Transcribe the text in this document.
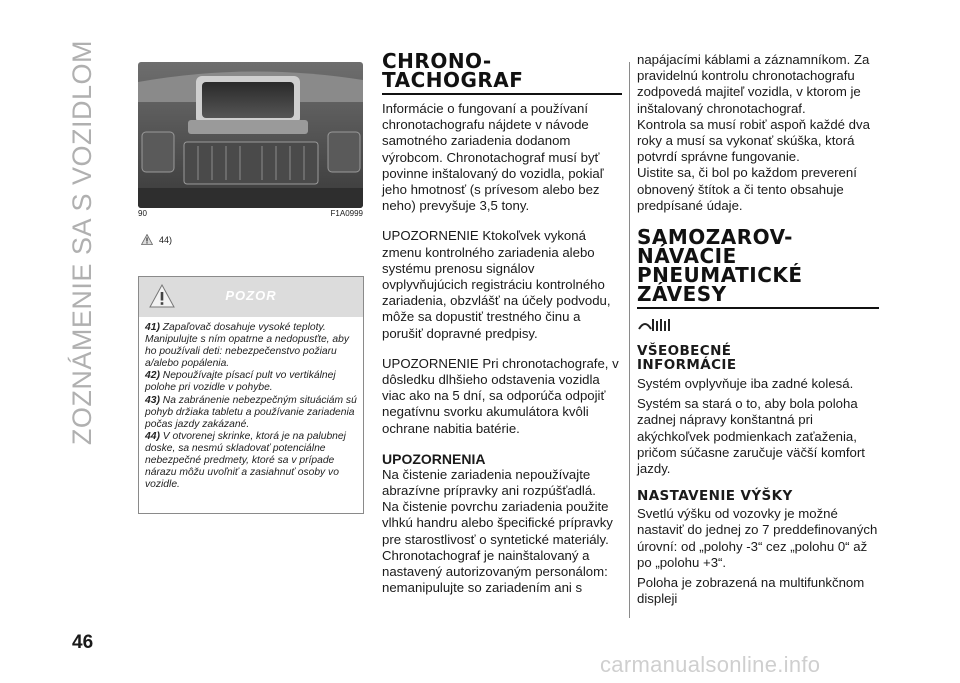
ZOZNÁMENIE SA S VOZIDLOM	90	F1A0999
44)
POZOR

41) Zapaľovač dosahuje vysoké teploty. Manipulujte s ním opatrne a nedopusťte, aby ho používali deti: nebezpečenstvo požiaru a/alebo popálenia.

42) Nepoužívajte písací pult vo vertikálnej polohe pri vozidle v pohybe.

43) Na zabránenie nebezpečným situáciám sú pohyb držiaka tabletu a používanie zariadenia počas jazdy zakázané.

44) V otvorenej skrinke, ktorá je na palubnej doske, sa nesmú skladovať potenciálne nebezpečné predmety, ktoré sa v prípade nárazu môžu uvoľniť a zasiahnuť osoby vo vozidle.

CHRONO-
TACHOGRAF

Informácie o fungovaní a používaní chronotachografu nájdete v návode samotného zariadenia dodanom výrobcom. Chronotachograf musí byť povinne inštalovaný do vozidla, pokiaľ jeho hmotnosť (s prívesom alebo bez neho) prevyšuje 3,5 tony.

UPOZORNENIE Ktokoľvek vykoná zmenu kontrolného zariadenia alebo systému prenosu signálov ovplyvňujúcich registráciu kontrolného zariadenia, obzvlášť na účely podvodu, môže sa dopustiť trestného činu a porušiť dopravné predpisy.

UPOZORNENIE Pri chronotachografe, v dôsledku dlhšieho odstavenia vozidla viac ako na 5 dní, sa odporúča odpojiť negatívnu svorku akumulátora kvôli ochrane nabitia batérie.

UPOZORNENIA

Na čistenie zariadenia nepoužívajte abrazívne prípravky ani rozpúšťadlá.

Na čistenie povrchu zariadenia použite vlhkú handru alebo špecifické prípravky pre starostlivosť o syntetické materiály.

Chronotachograf je nainštalovaný a nastavený autorizovaným personálom: nemanipulujte so zariadením ani s

napájacími káblami a záznamníkom. Za pravidelnú kontrolu chronotachografu zodpovedá majiteľ vozidla, v ktorom je inštalovaný chronotachograf.

Kontrola sa musí robiť aspoň každé dva roky a musí sa vykonať skúška, ktorá potvrdí správne fungovanie.

Uistite sa, či bol po každom preverení obnovený štítok a či tento obsahuje predpísané údaje.

SAMOZAROV-
NÁVACIE
PNEUMATICKÉ
ZÁVESY
VŠEOBECNÉ
INFORMÁCIE

Systém ovplyvňuje iba zadné kolesá.

Systém sa stará o to, aby bola poloha zadnej nápravy konštantná pri akýchkoľvek podmienkach zaťaženia, pričom súčasne zaručuje väčší komfort jazdy.

NASTAVENIE VÝŠKY

Svetlú výšku od vozovky je možné nastaviť do jednej zo 7 preddefinovaných úrovní: od „polohy -3“ cez „polohu 0“ až po „polohu +3“.

Poloha je zobrazená na multifunkčnom displeji

46
carmanualsonline.info
